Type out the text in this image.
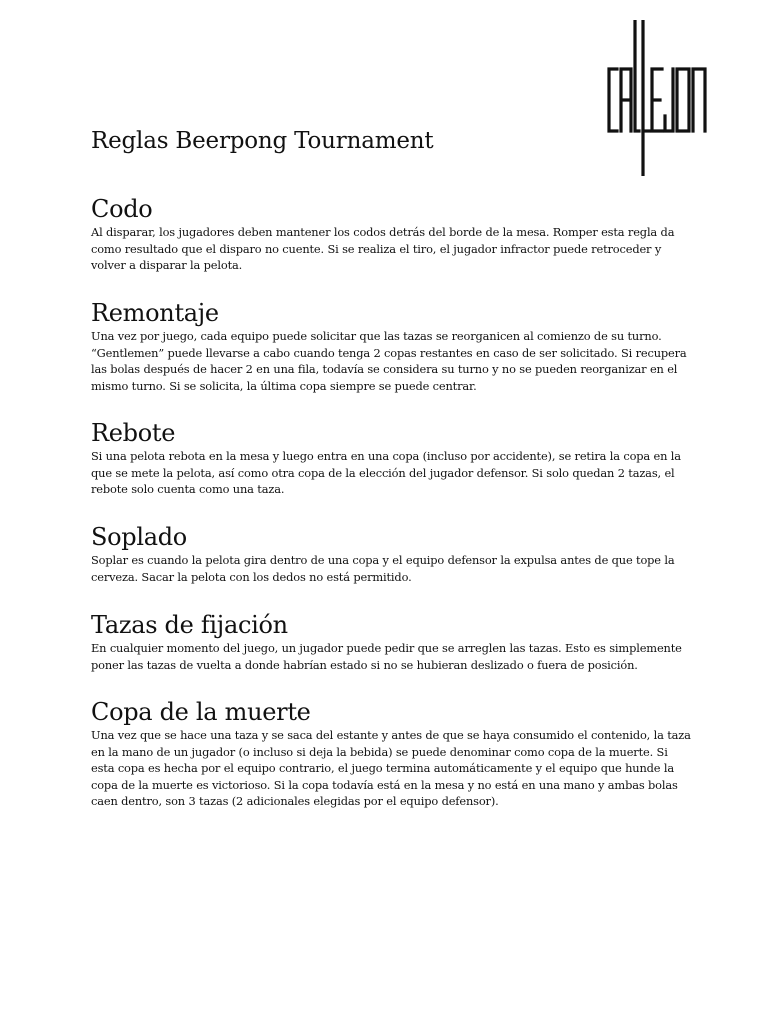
Reglas Beerpong Tournament
Codo

Al disparar, los jugadores deben mantener los codos detrás del borde de la mesa. Romper esta regla da como resultado que el disparo no cuente. Si se realiza el tiro, el jugador infractor puede retroceder y volver a disparar la pelota.

Remontaje

Una vez por juego, cada equipo puede solicitar que las tazas se reorganicen al comienzo de su turno. “Gentlemen” puede llevarse a cabo cuando tenga 2 copas restantes en caso de ser solicitado. Si recupera las bolas después de hacer 2 en una fila, todavía se considera su turno y no se pueden reorganizar en el mismo turno. Si se solicita, la última copa siempre se puede centrar.

Rebote

Si una pelota rebota en la mesa y luego entra en una copa (incluso por accidente), se retira la copa en la que se mete la pelota, así como otra copa de la elección del jugador defensor. Si solo quedan 2 tazas, el rebote solo cuenta como una taza.

Soplado

Soplar es cuando la pelota gira dentro de una copa y el equipo defensor la expulsa antes de que tope la cerveza. Sacar la pelota con los dedos no está permitido.

Tazas de fijación

En cualquier momento del juego, un jugador puede pedir que se arreglen las tazas. Esto es simplemente poner las tazas de vuelta a donde habrían estado si no se hubieran deslizado o fuera de posición.

Copa de la muerte

Una vez que se hace una taza y se saca del estante y antes de que se haya consumido el contenido, la taza en la mano de un jugador (o incluso si deja la bebida) se puede denominar como copa de la muerte. Si esta copa es hecha por el equipo contrario, el juego termina automáticamente y el equipo que hunde la copa de la muerte es victorioso. Si la copa todavía está en la mesa y no está en una mano y ambas bolas caen dentro, son 3 tazas (2 adicionales elegidas por el equipo defensor).
